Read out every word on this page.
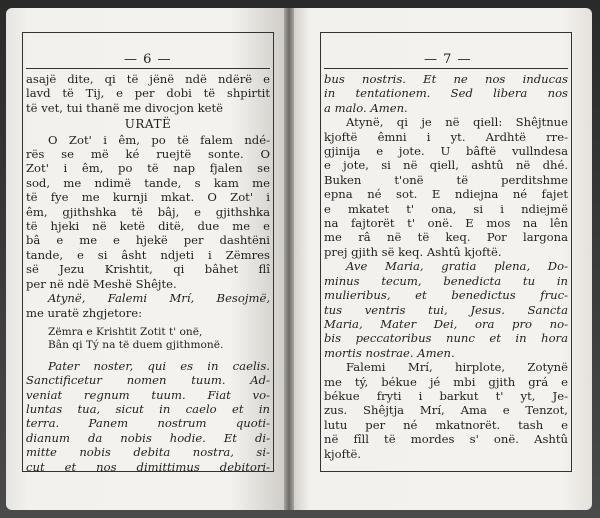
— 6 —	— 7 —
asajë dite, qi të jënë ndë ndërë e
lavd të Tij, e per dobi të shpirtit
të vet, tui thanë me divocjon ketë
URATË
O Zot' i êm, po të falem ndé-
rës se më ké ruejtë sonte. O
Zot' i êm, po të nap fjalen se
sod, me ndimë tande, s kam me
të fye me kurnji mkat. O Zot' i
êm, gjithshka të bâj, e gjithshka
të hjeki në ketë ditë, due me e
bâ e me e hjekë per dashtëni
tande, e si âsht ndjeti i Zëmres
së Jezu Krishtit, qi bâhet flî
per në ndë Meshë Shêjte.
Atynë, Falemi Mrí, Besojmë,
me uratë zhgjetore:
Zëmra e Krishtit Zotit t' onë,
Bân qi Tý na të duem gjithmonë.
Pater noster, qui es in caelis.
Sanctificetur nomen tuum. Ad-
veniat regnum tuum. Fiat vo-
luntas tua, sicut in caelo et in
terra. Panem nostrum quoti-
dianum da nobis hodie. Et di-
mitte nobis debita nostra, si-
cut et nos dimittimus debitori-
bus nostris. Et ne nos inducas
in tentationem. Sed libera nos
a malo. Amen.
Atynë, qi je në qiell: Shêjtnue
kjoftë êmni i yt. Ardhtë rre-
gjinija e jote. U bâftë vullndesa
e jote, si në qiell, ashtû në dhé.
Buken t'onë të perditshme
epna né sot. E ndiejna né fajet
e mkatet t' ona, si i ndiejmë
na fajtorët t' onë. E mos na lên
me râ në të keq. Por largona
prej gjith së keq. Ashtû kjoftë.
Ave Maria, gratia plena, Do-
minus tecum, benedicta tu in
mulieribus, et benedictus fruc-
tus ventris tui, Jesus. Sancta
Maria, Mater Dei, ora pro no-
bis peccatoribus nunc et in hora
mortis nostrae. Amen.
Falemi Mrí, hirplote, Zotynë
me tý, békue jé mbi gjith grá e
békue fryti i barkut t' yt, Je-
zus. Shêjtja Mrí, Ama e Tenzot,
lutu per né mkatnorët. tash e
në fîll të mordes s' onë. Ashtû
kjoftë.
